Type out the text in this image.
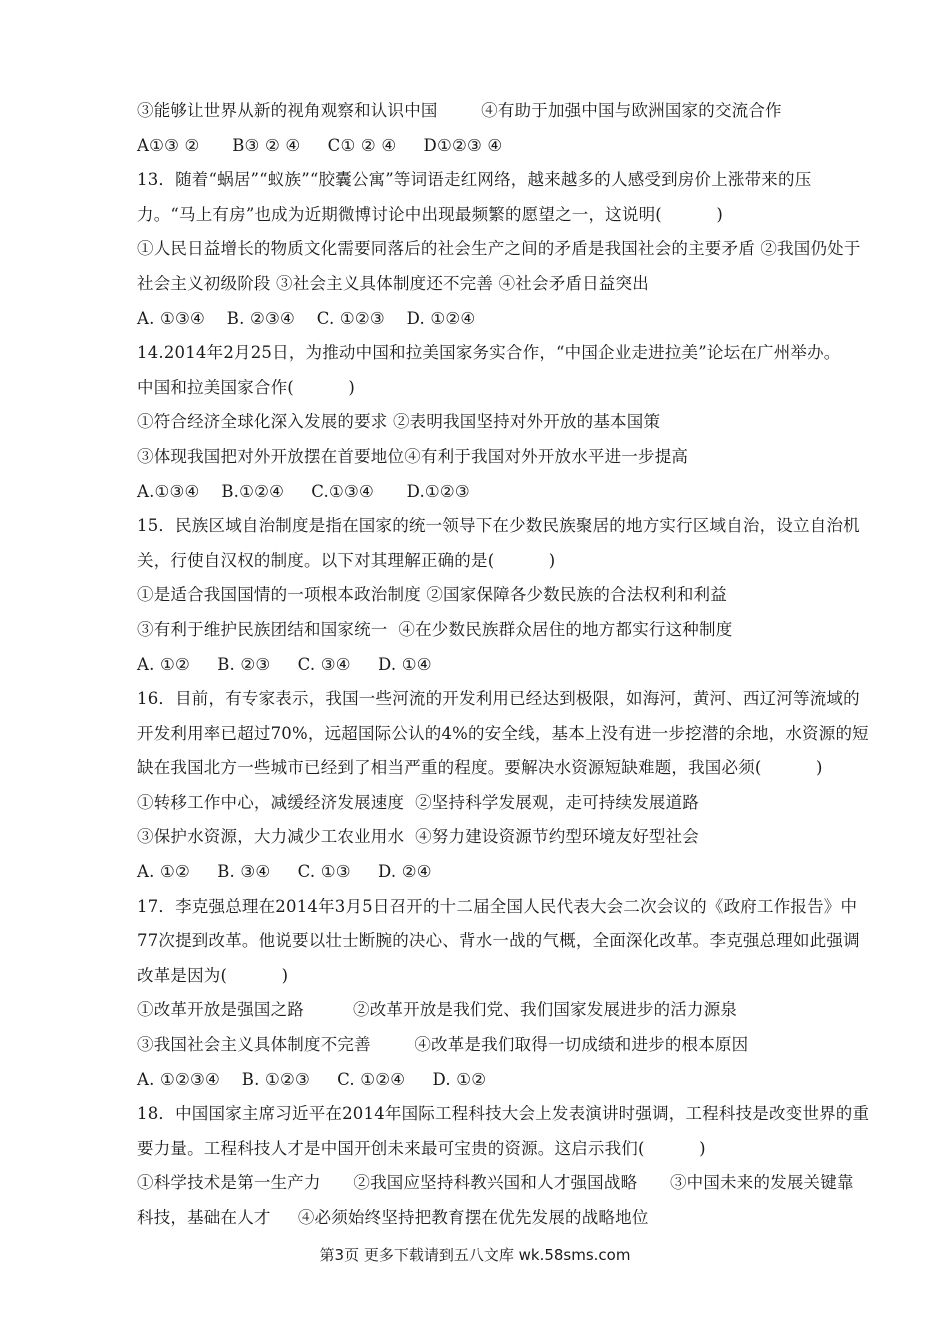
③能够让世界从新的视角观察和认识中国        ④有助于加强中国与欧洲国家的交流合作
A①③ ②      B③ ② ④     C① ② ④     D①②③ ④
13．随着“蜗居”“蚁族”“胶囊公寓”等词语走红网络，越来越多的人感受到房价上涨带来的压
力。“马上有房”也成为近期微博讨论中出现最频繁的愿望之一，这说明(          )
①人民日益增长的物质文化需要同落后的社会生产之间的矛盾是我国社会的主要矛盾 ②我国仍处于
社会主义初级阶段 ③社会主义具体制度还不完善 ④社会矛盾日益突出
A. ①③④    B. ②③④    C. ①②③    D. ①②④
14.2014年2月25日，为推动中国和拉美国家务实合作，“中国企业走进拉美”论坛在广州举办。
中国和拉美国家合作(          )
①符合经济全球化深入发展的要求 ②表明我国坚持对外开放的基本国策
③体现我国把对外开放摆在首要地位④有利于我国对外开放水平进一步提高
A.①③④    B.①②④     C.①③④      D.①②③
15．民族区域自治制度是指在国家的统一领导下在少数民族聚居的地方实行区域自治，设立自治机
关，行使自汉权的制度。以下对其理解正确的是(          )
①是适合我国国情的一项根本政治制度 ②国家保障各少数民族的合法权利和利益
③有利于维护民族团结和国家统一  ④在少数民族群众居住的地方都实行这种制度
A. ①②     B. ②③     C. ③④     D. ①④
16．目前，有专家表示，我国一些河流的开发利用已经达到极限，如海河，黄河、西辽河等流域的
开发利用率已超过70%，远超国际公认的4%的安全线，基本上没有进一步挖潜的余地，水资源的短
缺在我国北方一些城市已经到了相当严重的程度。要解决水资源短缺难题，我国必须(          )
①转移工作中心，减缓经济发展速度  ②坚持科学发展观，走可持续发展道路
③保护水资源，大力减少工农业用水  ④努力建设资源节约型环境友好型社会
A. ①②     B. ③④     C. ①③     D. ②④
17．李克强总理在2014年3月5日召开的十二届全国人民代表大会二次会议的《政府工作报告》中
77次提到改革。他说要以壮士断腕的决心、背水一战的气概，全面深化改革。李克强总理如此强调
改革是因为(          )
①改革开放是强国之路         ②改革开放是我们党、我们国家发展进步的活力源泉
③我国社会主义具体制度不完善        ④改革是我们取得一切成绩和进步的根本原因
A. ①②③④    B. ①②③     C. ①②④     D. ①②
18．中国国家主席习近平在2014年国际工程科技大会上发表演讲时强调，工程科技是改变世界的重
要力量。工程科技人才是中国开创未来最可宝贵的资源。这启示我们(          )
①科学技术是第一生产力      ②我国应坚持科教兴国和人才强国战略      ③中国未来的发展关键靠
科技，基础在人才     ④必须始终坚持把教育摆在优先发展的战略地位
第3页 更多下载请到五八文库 wk.58sms.com
